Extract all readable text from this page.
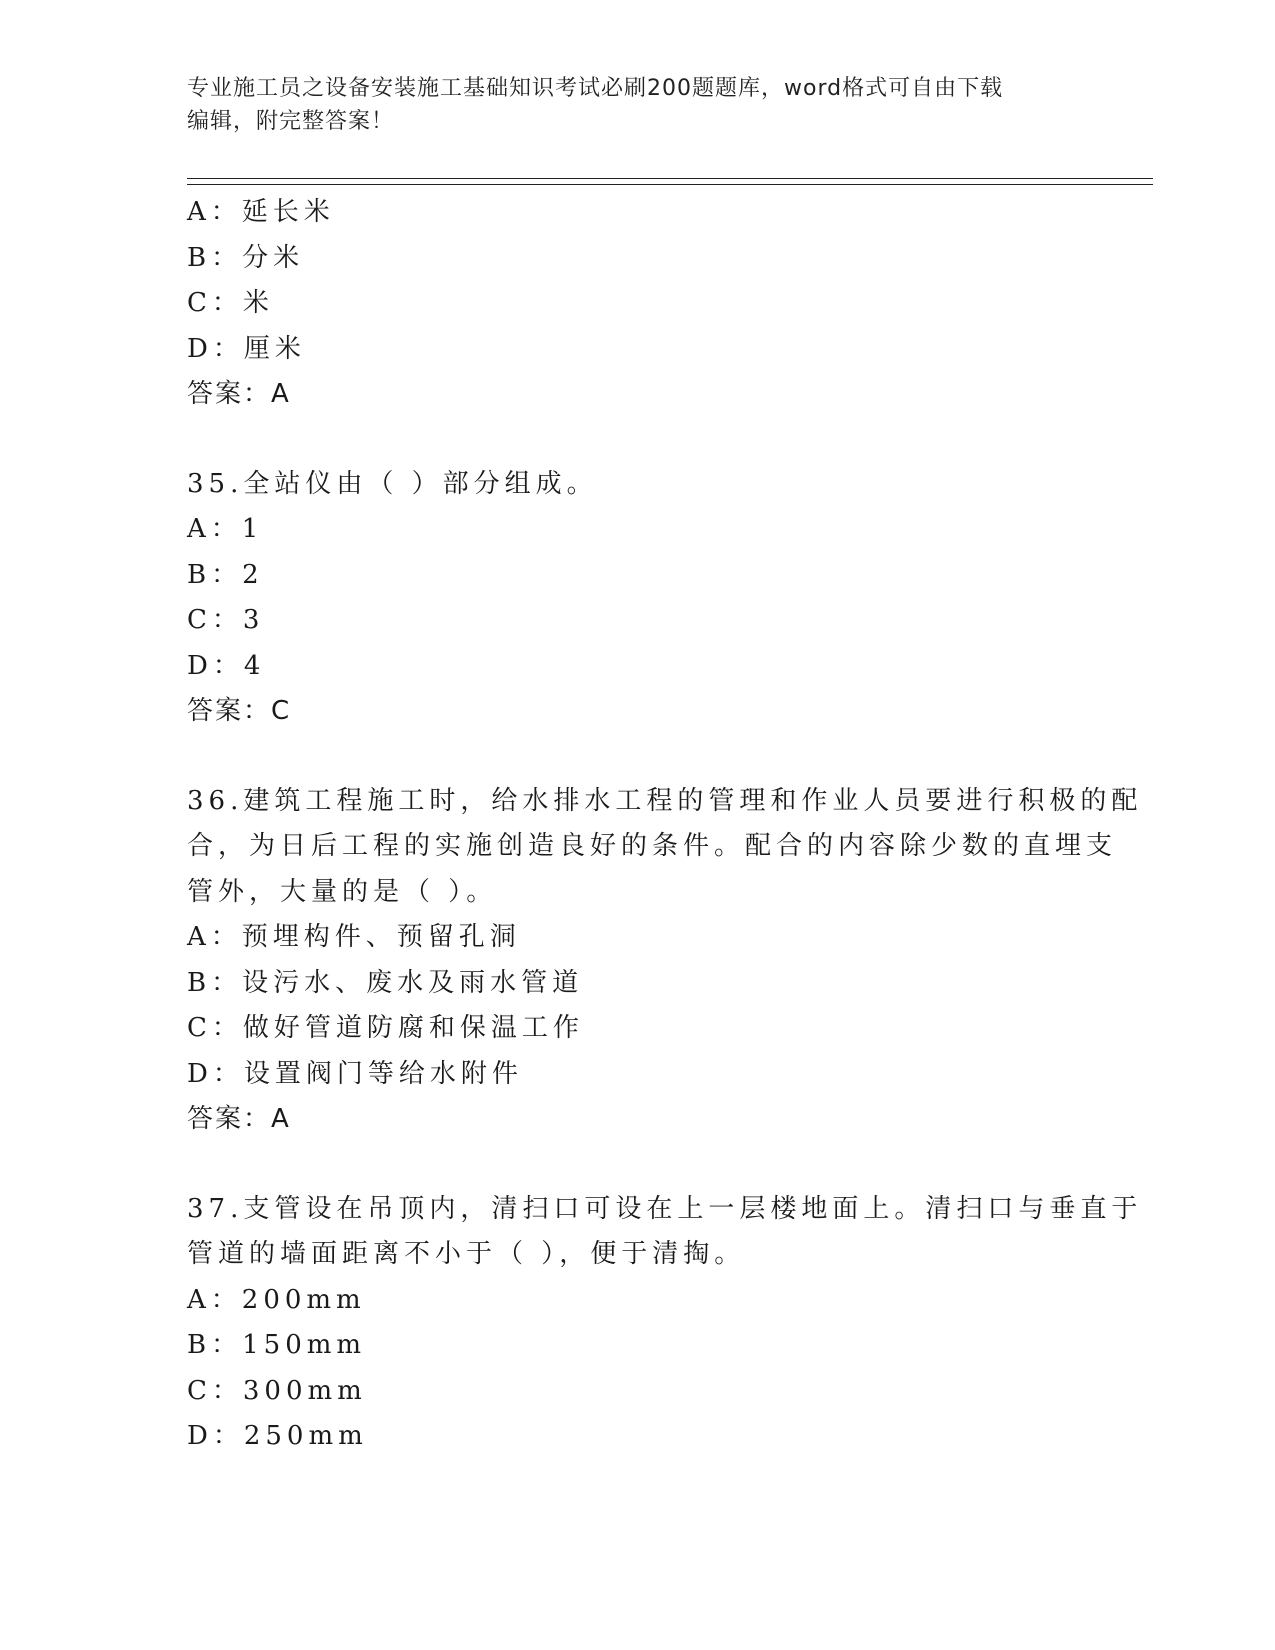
专业施工员之设备安装施工基础知识考试必刷200题题库，word格式可自由下载
编辑，附完整答案！
A：延长米
B：分米
C：米
D：厘米
答案：A
35.全站仪由（ ）部分组成。
A：1
B：2
C：3
D：4
答案：C
36.建筑工程施工时，给水排水工程的管理和作业人员要进行积极的配
合，为日后工程的实施创造良好的条件。配合的内容除少数的直埋支
管外，大量的是（ ）。
A：预埋构件、预留孔洞
B：设污水、废水及雨水管道
C：做好管道防腐和保温工作
D：设置阀门等给水附件
答案：A
37.支管设在吊顶内，清扫口可设在上一层楼地面上。清扫口与垂直于
管道的墙面距离不小于（ ），便于清掏。
A：200mm
B：150mm
C：300mm
D：250mm
